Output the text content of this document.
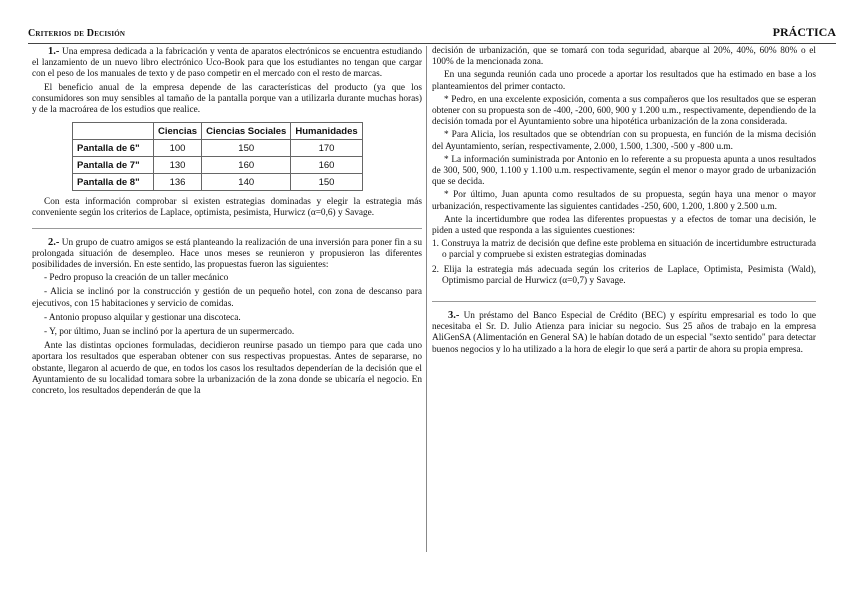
Criterios de Decisión	PRÁCTICA

1.- Una empresa dedicada a la fabricación y venta de aparatos electrónicos se encuentra estudiando el lanzamiento de un nuevo libro electrónico Uco-Book para que los estudiantes no tengan que cargar con el peso de los manuales de texto y de paso competir en el mercado con el resto de marcas.

El beneficio anual de la empresa depende de las características del producto (ya que los consumidores son muy sensibles al tamaño de la pantalla porque van a utilizarla durante muchas horas) y de la macroárea de los estudios que realice.

	Ciencias	Ciencias Sociales	Humanidades
Pantalla de 6"	100	150	170
Pantalla de 7"	130	160	160
Pantalla de 8"	136	140	150

Con esta información comprobar si existen estrategias dominadas y elegir la estrategia más conveniente según los criterios de Laplace, optimista, pesimista, Hurwicz (α=0,6) y Savage.

2.- Un grupo de cuatro amigos se está planteando la realización de una inversión para poner fin a su prolongada situación de desempleo. Hace unos meses se reunieron y propusieron las diferentes posibilidades de inversión. En este sentido, las propuestas fueron las siguientes:

- Pedro propuso la creación de un taller mecánico

- Alicia se inclinó por la construcción y gestión de un pequeño hotel, con zona de descanso para ejecutivos, con 15 habitaciones y servicio de comidas.

- Antonio propuso alquilar y gestionar una discoteca.

- Y, por último, Juan se inclinó por la apertura de un supermercado.

Ante las distintas opciones formuladas, decidieron reunirse pasado un tiempo para que cada uno aportara los resultados que esperaban obtener con sus respectivas propuestas. Antes de separarse, no obstante, llegaron al acuerdo de que, en todos los casos los resultados dependerían de la decisión que el Ayuntamiento de su localidad tomara sobre la urbanización de la zona donde se ubicaría el negocio. En concreto, los resultados dependerán de que la

decisión de urbanización, que se tomará con toda seguridad, abarque al 20%, 40%, 60% 80% o el 100% de la mencionada zona.

En una segunda reunión cada uno procede a aportar los resultados que ha estimado en base a los planteamientos del primer contacto.

* Pedro, en una excelente exposición, comenta a sus compañeros que los resultados que se esperan obtener con su propuesta son de -400, -200, 600, 900 y 1.200 u.m., respectivamente, dependiendo de la decisión tomada por el Ayuntamiento sobre una hipotética urbanización de la zona considerada.

* Para Alicia, los resultados que se obtendrían con su propuesta, en función de la misma decisión del Ayuntamiento, serían, respectivamente, 2.000, 1.500, 1.300, -500 y -800 u.m.

* La información suministrada por Antonio en lo referente a su propuesta apunta a unos resultados de 300, 500, 900, 1.100 y 1.100 u.m. respectivamente, según el menor o mayor grado de urbanización que se decida.

* Por último, Juan apunta como resultados de su propuesta, según haya una menor o mayor urbanización, respectivamente las siguientes cantidades -250, 600, 1.200, 1.800 y 2.500 u.m.

Ante la incertidumbre que rodea las diferentes propuestas y a efectos de tomar una decisión, le piden a usted que responda a las siguientes cuestiones:

1. Construya la matriz de decisión que define este problema en situación de incertidumbre estructurada o parcial y compruebe si existen estrategias dominadas

2. Elija la estrategia más adecuada según los criterios de Laplace, Optimista, Pesimista (Wald), Optimismo parcial de Hurwicz (α=0,7) y Savage.

3.- Un préstamo del Banco Especial de Crédito (BEC) y espíritu empresarial es todo lo que necesitaba el Sr. D. Julio Atienza para iniciar su negocio. Sus 25 años de trabajo en la empresa AliGenSA (Alimentación en General SA) le habían dotado de un especial "sexto sentido" para detectar buenos negocios y lo ha utilizado a la hora de elegir lo que será a partir de ahora su propia empresa.
